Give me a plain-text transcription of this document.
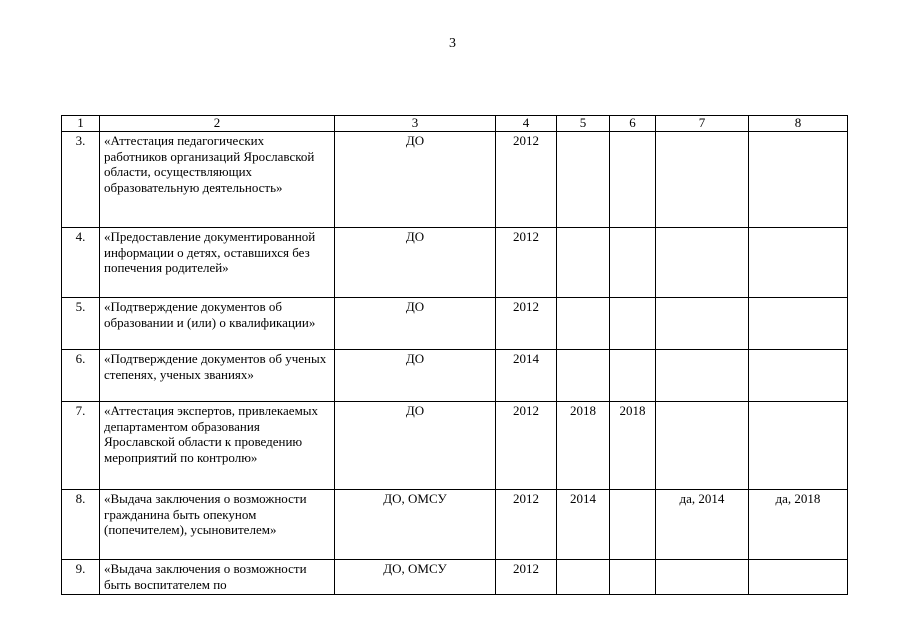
3
1	2	3	4	5	6	7	8
3.	«Аттестация педагогических работников организаций Ярославской области, осуществляющих образовательную деятельность»	ДО	2012				
4.	«Предоставление документированной информации о детях, оставшихся без попечения родителей»	ДО	2012				
5.	«Подтверждение документов об образовании и (или) о квалификации»	ДО	2012				
6.	«Подтверждение документов об ученых степенях, ученых званиях»	ДО	2014				
7.	«Аттестация экспертов, привлекаемых департаментом образования Ярославской области к проведению мероприятий по контролю»	ДО	2012	2018	2018		
8.	«Выдача заключения о возможности гражданина быть опекуном (попечителем), усыновителем»	ДО, ОМСУ	2012	2014		да, 2014	да, 2018
9.	«Выдача заключения о возможности быть воспитателем по	ДО, ОМСУ	2012				
